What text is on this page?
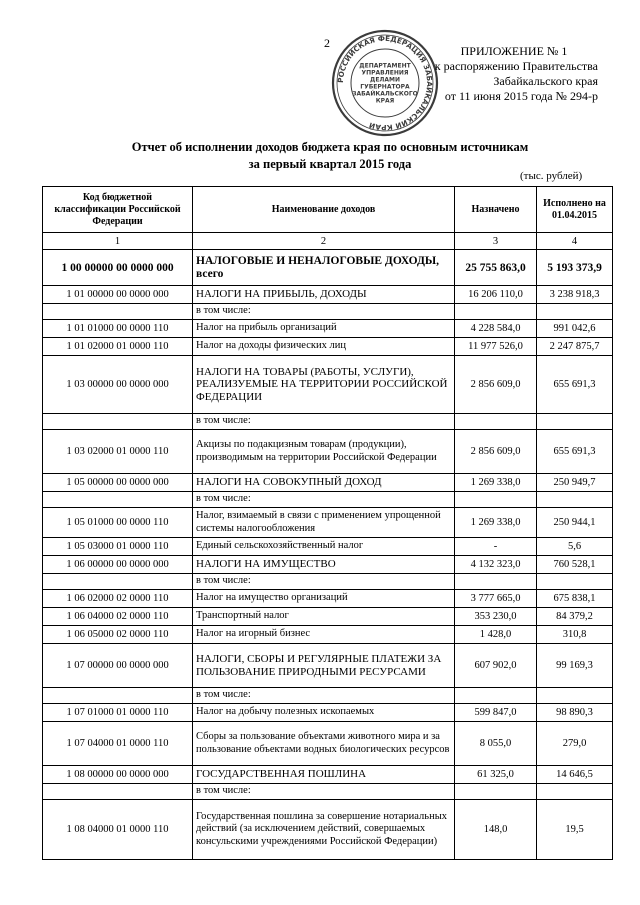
2
РОССИЙСКАЯ ФЕДЕРАЦИЯ ЗАБАЙКАЛЬСКИЙ КРАЙ
ДЕПАРТАМЕНТ
УПРАВЛЕНИЯ
ДЕЛАМИ
ГУБЕРНАТОРА
ЗАБАЙКАЛЬСКОГО
КРАЯ
ПРИЛОЖЕНИЕ № 1
к распоряжению Правительства
Забайкальского края
от 11 июня 2015 года № 294-р
Отчет об исполнении доходов бюджета края по основным источникам
за первый квартал 2015 года
(тыс. рублей)
Код бюджетной классификации Российской Федерации	Наименование доходов	Назначено	Исполнено на 01.04.2015
1	2	3	4
1 00 00000 00 0000 000	НАЛОГОВЫЕ И НЕНАЛОГОВЫЕ ДОХОДЫ, всего	25 755 863,0	5 193 373,9
1 01 00000 00 0000 000	НАЛОГИ НА ПРИБЫЛЬ, ДОХОДЫ	16 206 110,0	3 238 918,3
	в том числе:		
1 01 01000 00 0000 110	Налог на прибыль организаций	4 228 584,0	991 042,6
1 01 02000 01 0000 110	Налог на доходы физических лиц	11 977 526,0	2 247 875,7
1 03 00000 00 0000 000	НАЛОГИ НА ТОВАРЫ (РАБОТЫ, УСЛУГИ), РЕАЛИЗУЕМЫЕ НА ТЕРРИТОРИИ РОССИЙСКОЙ ФЕДЕРАЦИИ	2 856 609,0	655 691,3
	в том числе:		
1 03 02000 01 0000 110	Акцизы по подакцизным товарам (продукции), производимым на территории Российской Федерации	2 856 609,0	655 691,3
1 05 00000 00 0000 000	НАЛОГИ НА СОВОКУПНЫЙ ДОХОД	1 269 338,0	250 949,7
	в том числе:		
1 05 01000 00 0000 110	Налог, взимаемый в связи с применением упрощенной системы налогообложения	1 269 338,0	250 944,1
1 05 03000 01 0000 110	Единый сельскохозяйственный налог	-	5,6
1 06 00000 00 0000 000	НАЛОГИ НА ИМУЩЕСТВО	4 132 323,0	760 528,1
	в том числе:		
1 06 02000 02 0000 110	Налог на имущество организаций	3 777 665,0	675 838,1
1 06 04000 02 0000 110	Транспортный налог	353 230,0	84 379,2
1 06 05000 02 0000 110	Налог на игорный бизнес	1 428,0	310,8
1 07 00000 00 0000 000	НАЛОГИ, СБОРЫ И РЕГУЛЯРНЫЕ ПЛАТЕЖИ ЗА ПОЛЬЗОВАНИЕ ПРИРОДНЫМИ РЕСУРСАМИ	607 902,0	99 169,3
	в том числе:		
1 07 01000 01 0000 110	Налог на добычу полезных ископаемых	599 847,0	98 890,3
1 07 04000 01 0000 110	Сборы за пользование объектами животного мира и за пользование объектами водных биологических ресурсов	8 055,0	279,0
1 08 00000 00 0000 000	ГОСУДАРСТВЕННАЯ ПОШЛИНА	61 325,0	14 646,5
	в том числе:		
1 08 04000 01 0000 110	Государственная пошлина за совершение нотариальных действий (за исключением действий, совершаемых консульскими учреждениями Российской Федерации)	148,0	19,5
